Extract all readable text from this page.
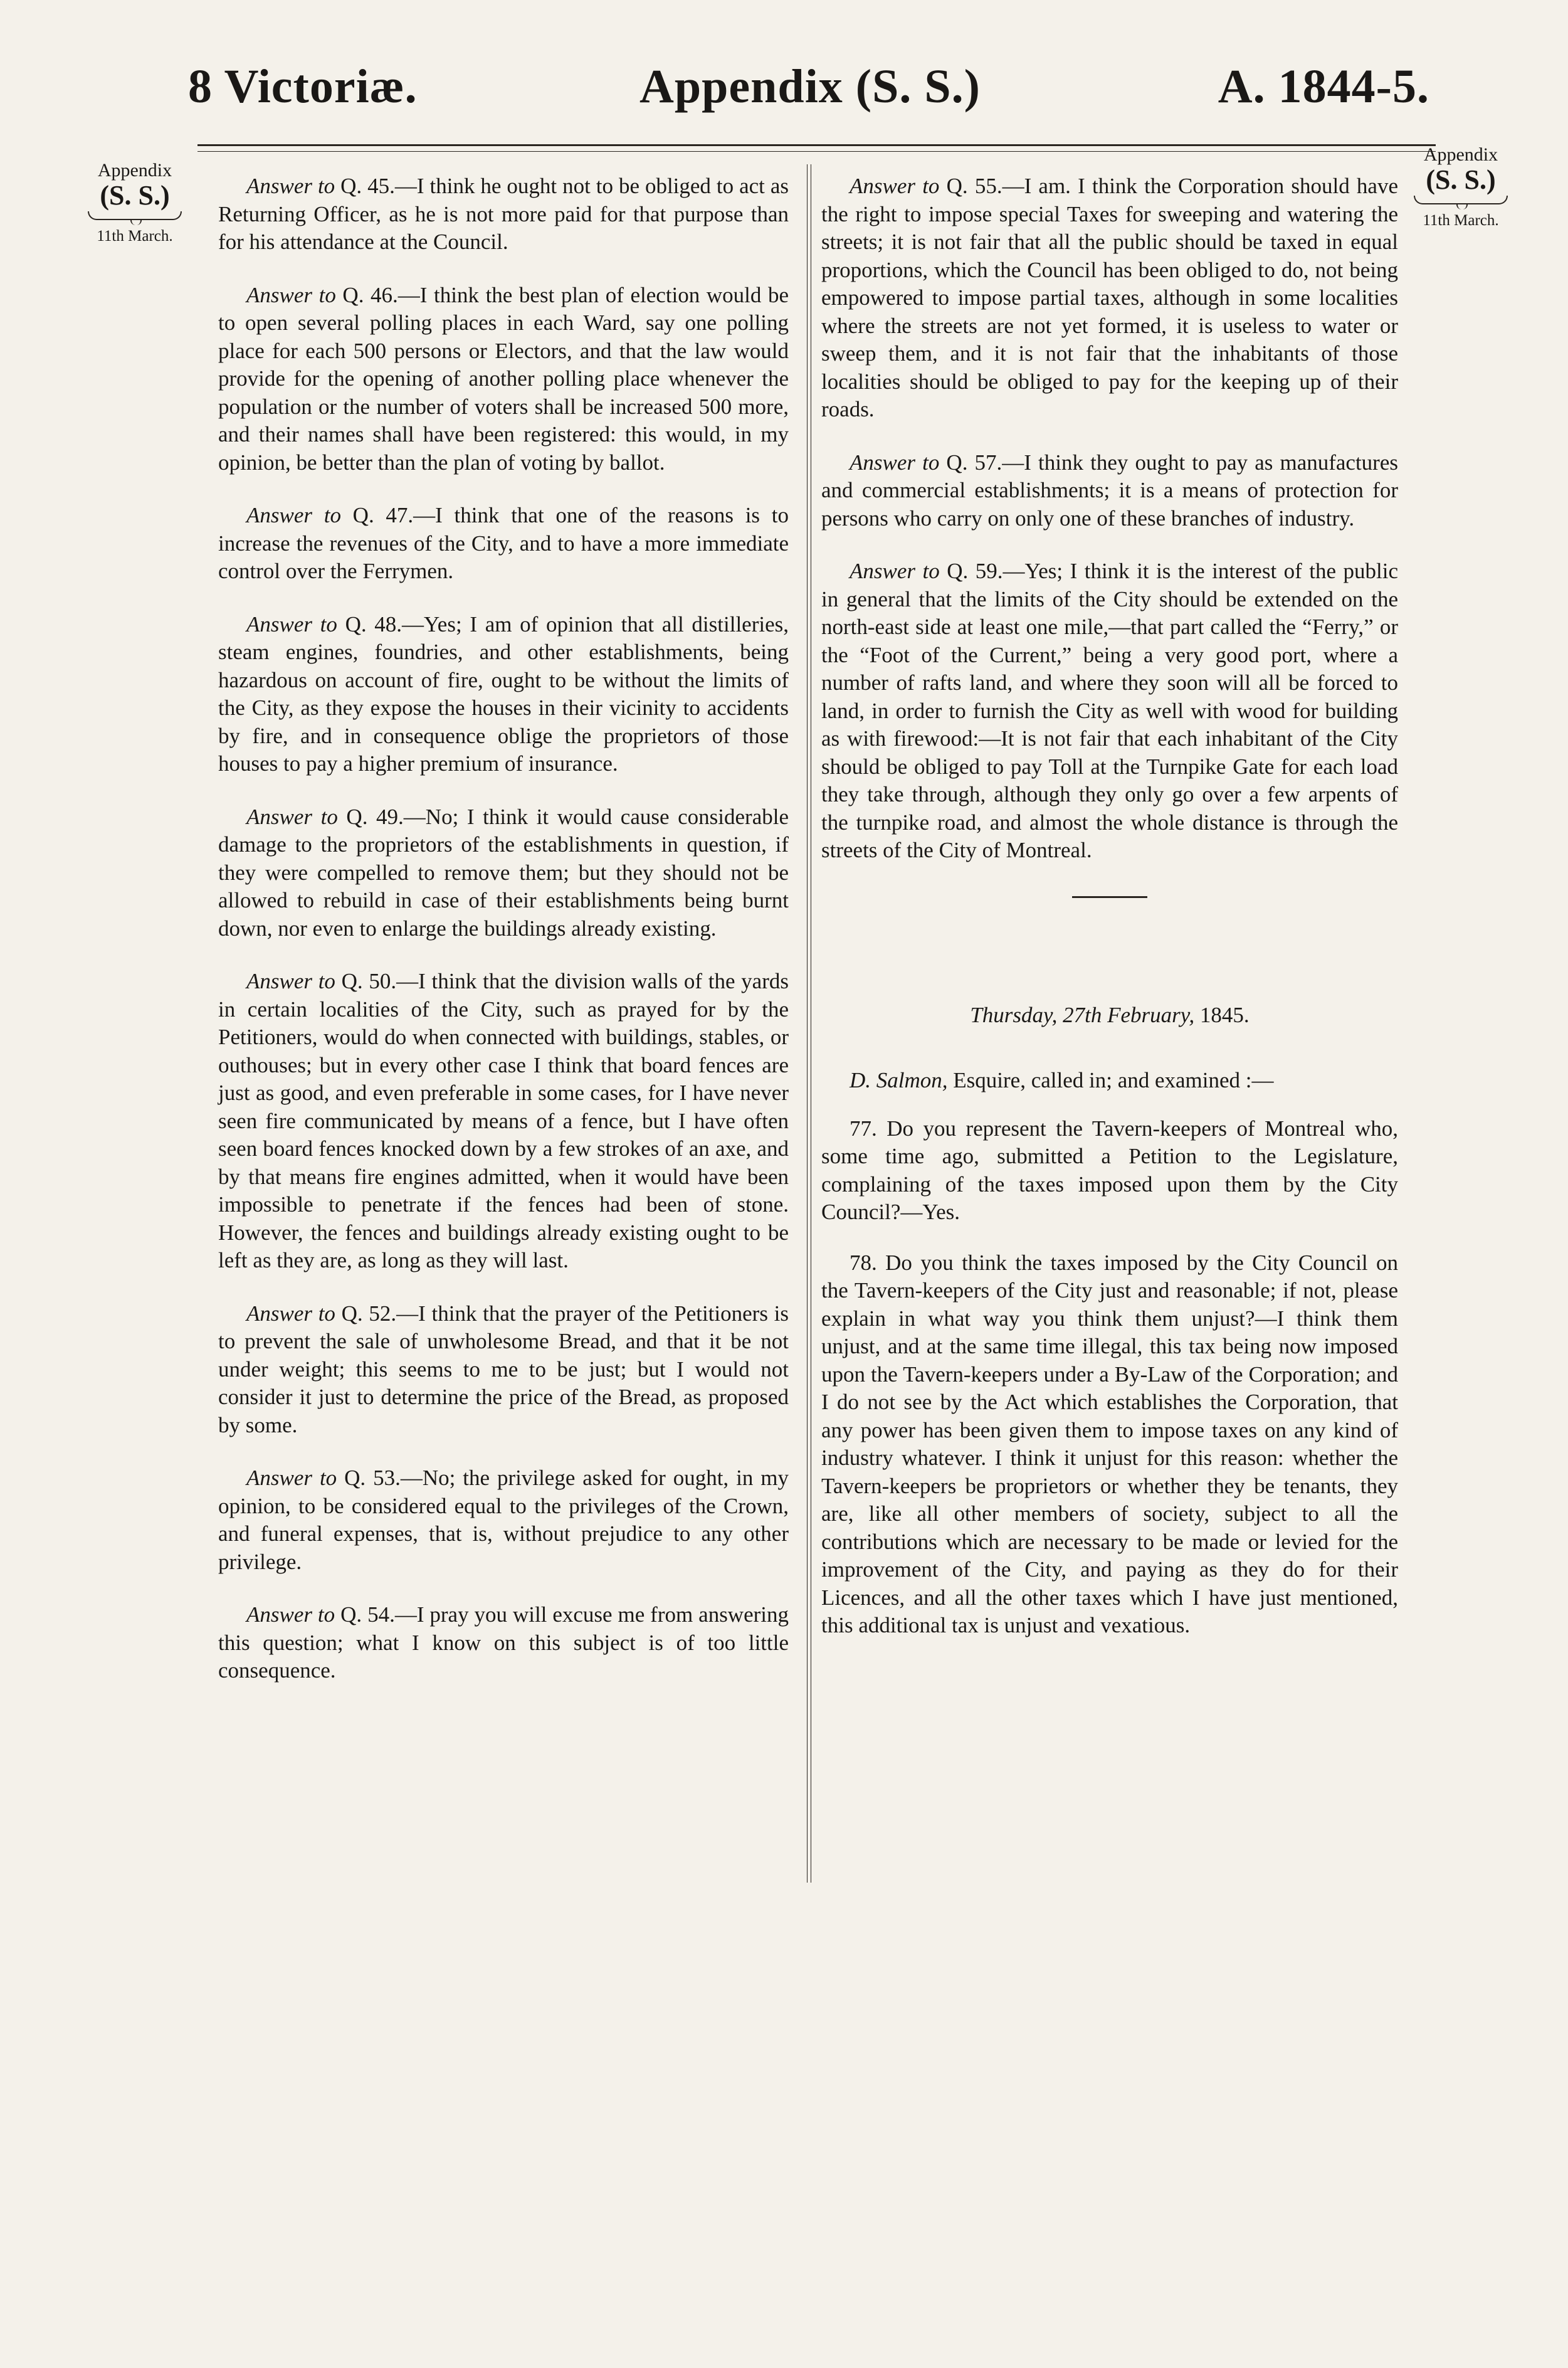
8 Victoriæ.	Appendix (S. S.)	A. 1844-5.
Appendix
(S. S.)
11th March.
Appendix
(S. S.)
11th March.

Answer to Q. 45.—I think he ought not to be obliged to act as Returning Officer, as he is not more paid for that purpose than for his attendance at the Council.

Answer to Q. 46.—I think the best plan of election would be to open several polling places in each Ward, say one polling place for each 500 persons or Electors, and that the law would provide for the opening of another polling place whenever the population or the number of voters shall be increased 500 more, and their names shall have been registered: this would, in my opinion, be better than the plan of voting by ballot.

Answer to Q. 47.—I think that one of the reasons is to increase the revenues of the City, and to have a more immediate control over the Ferrymen.

Answer to Q. 48.—Yes; I am of opinion that all distilleries, steam engines, foundries, and other establishments, being hazardous on account of fire, ought to be without the limits of the City, as they expose the houses in their vicinity to accidents by fire, and in consequence oblige the proprietors of those houses to pay a higher premium of insurance.

Answer to Q. 49.—No; I think it would cause considerable damage to the proprietors of the establishments in question, if they were compelled to remove them; but they should not be allowed to rebuild in case of their establishments being burnt down, nor even to enlarge the buildings already existing.

Answer to Q. 50.—I think that the division walls of the yards in certain localities of the City, such as prayed for by the Petitioners, would do when connected with buildings, stables, or outhouses; but in every other case I think that board fences are just as good, and even preferable in some cases, for I have never seen fire communicated by means of a fence, but I have often seen board fences knocked down by a few strokes of an axe, and by that means fire engines admitted, when it would have been impossible to penetrate if the fences had been of stone. However, the fences and buildings already existing ought to be left as they are, as long as they will last.

Answer to Q. 52.—I think that the prayer of the Petitioners is to prevent the sale of unwholesome Bread, and that it be not under weight; this seems to me to be just; but I would not consider it just to determine the price of the Bread, as proposed by some.

Answer to Q. 53.—No; the privilege asked for ought, in my opinion, to be considered equal to the privileges of the Crown, and funeral expenses, that is, without prejudice to any other privilege.

Answer to Q. 54.—I pray you will excuse me from answering this question; what I know on this subject is of too little consequence.

Answer to Q. 55.—I am. I think the Corporation should have the right to impose special Taxes for sweeping and watering the streets; it is not fair that all the public should be taxed in equal proportions, which the Council has been obliged to do, not being empowered to impose partial taxes, although in some localities where the streets are not yet formed, it is useless to water or sweep them, and it is not fair that the inhabitants of those localities should be obliged to pay for the keeping up of their roads.

Answer to Q. 57.—I think they ought to pay as manufactures and commercial establishments; it is a means of protection for persons who carry on only one of these branches of industry.

Answer to Q. 59.—Yes; I think it is the interest of the public in general that the limits of the City should be extended on the north-east side at least one mile,—that part called the “Ferry,” or the “Foot of the Current,” being a very good port, where a number of rafts land, and where they soon will all be forced to land, in order to furnish the City as well with wood for building as with firewood:—It is not fair that each inhabitant of the City should be obliged to pay Toll at the Turnpike Gate for each load they take through, although they only go over a few arpents of the turnpike road, and almost the whole distance is through the streets of the City of Montreal.

Thursday, 27th February, 1845.

D. Salmon, Esquire, called in; and examined :—

77. Do you represent the Tavern-keepers of Montreal who, some time ago, submitted a Petition to the Legislature, complaining of the taxes imposed upon them by the City Council?—Yes.

78. Do you think the taxes imposed by the City Council on the Tavern-keepers of the City just and reasonable; if not, please explain in what way you think them unjust?—I think them unjust, and at the same time illegal, this tax being now imposed upon the Tavern-keepers under a By-Law of the Corporation; and I do not see by the Act which establishes the Corporation, that any power has been given them to impose taxes on any kind of industry whatever. I think it unjust for this reason: whether the Tavern-keepers be proprietors or whether they be tenants, they are, like all other members of society, subject to all the contributions which are necessary to be made or levied for the improvement of the City, and paying as they do for their Licences, and all the other taxes which I have just mentioned, this additional tax is unjust and vexatious.
